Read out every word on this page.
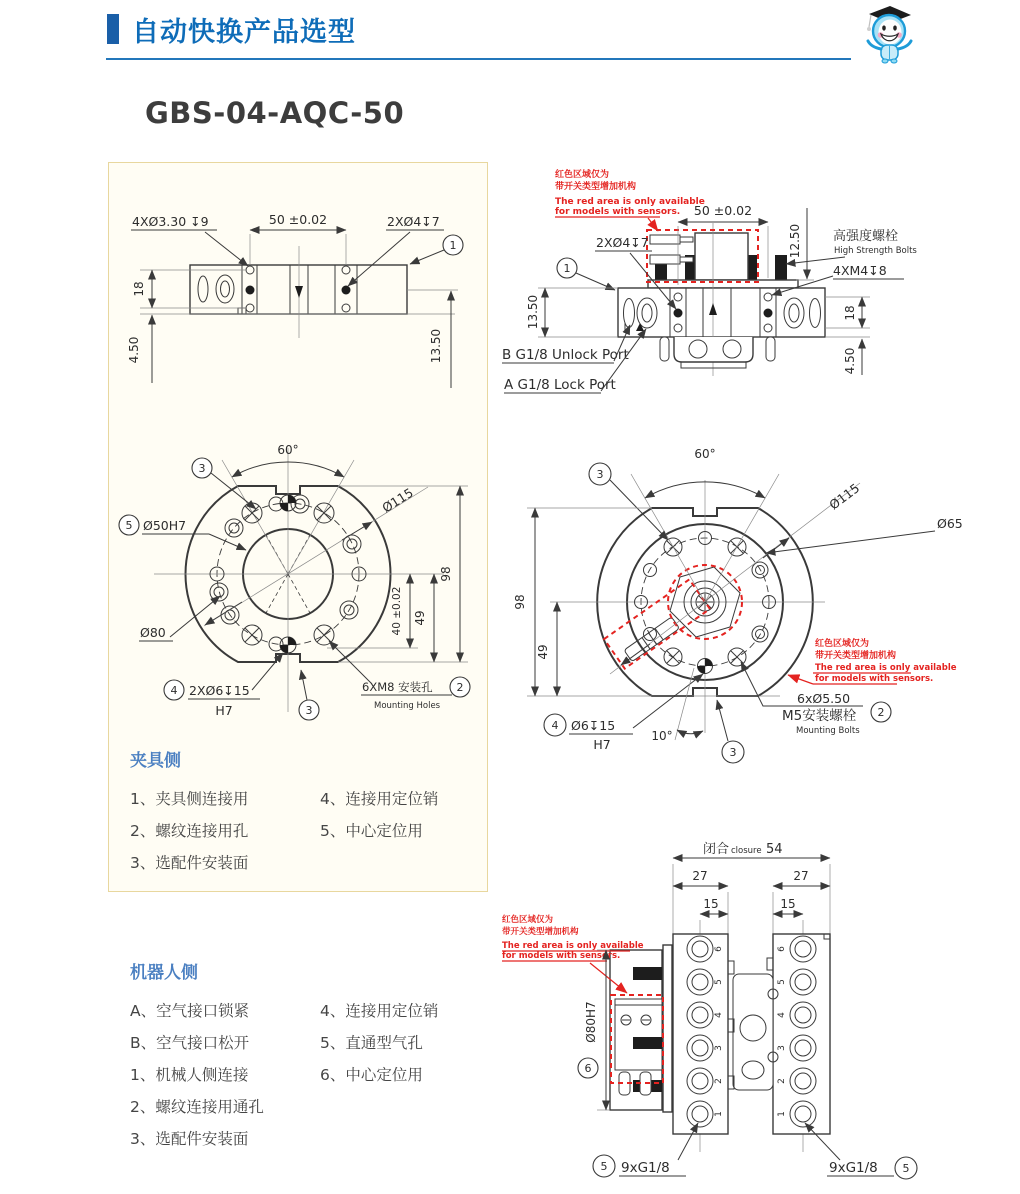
自动快换产品选型
GBS-04-AQC-50
50 ±0.02
4XØ3.30 ↧9	2XØ4↧7
1
18
4.50	13.50
60°
3
Ø115
5 Ø50H7
Ø80
98
49
40 ±0.02
4 2XØ6↧15
H7	3
6XM8 安装孔 2
Mounting Holes
红色区域仅为
带开关类型增加机构
The red area is only available
for models with sensors. 50 ±0.02
12.50 高强度螺栓
High Strength Bolts
4XM4↧8
2XØ4↧7
1
13.50
B G1/8 Unlock Port
A G1/8 Lock Port
18
4.50
60°
3
Ø115
Ø65
98
49
红色区域仅为
带开关类型增加机构
The red area is only available
for models with sensors.
6xØ5.50
M5安装螺栓 2
Mounting Bolts
4 Ø6↧15
H7
10°
3
闭合 closure 54
27	27
15	15
6
5
4
3
2
1
6
5
4
3
2
1
红色区域仅为
带开关类型增加机构
The red area is only available
for models with sensors.
Ø80H7
6
5 9xG1/8	9xG1/8 5
夹具侧
1、夹具侧连接用	4、连接用定位销
2、螺纹连接用孔	5、中心定位用
3、选配件安装面
机器人侧
A、空气接口锁紧	4、连接用定位销
B、空气接口松开	5、直通型气孔
1、机械人侧连接	6、中心定位用
2、螺纹连接用通孔
3、选配件安装面
